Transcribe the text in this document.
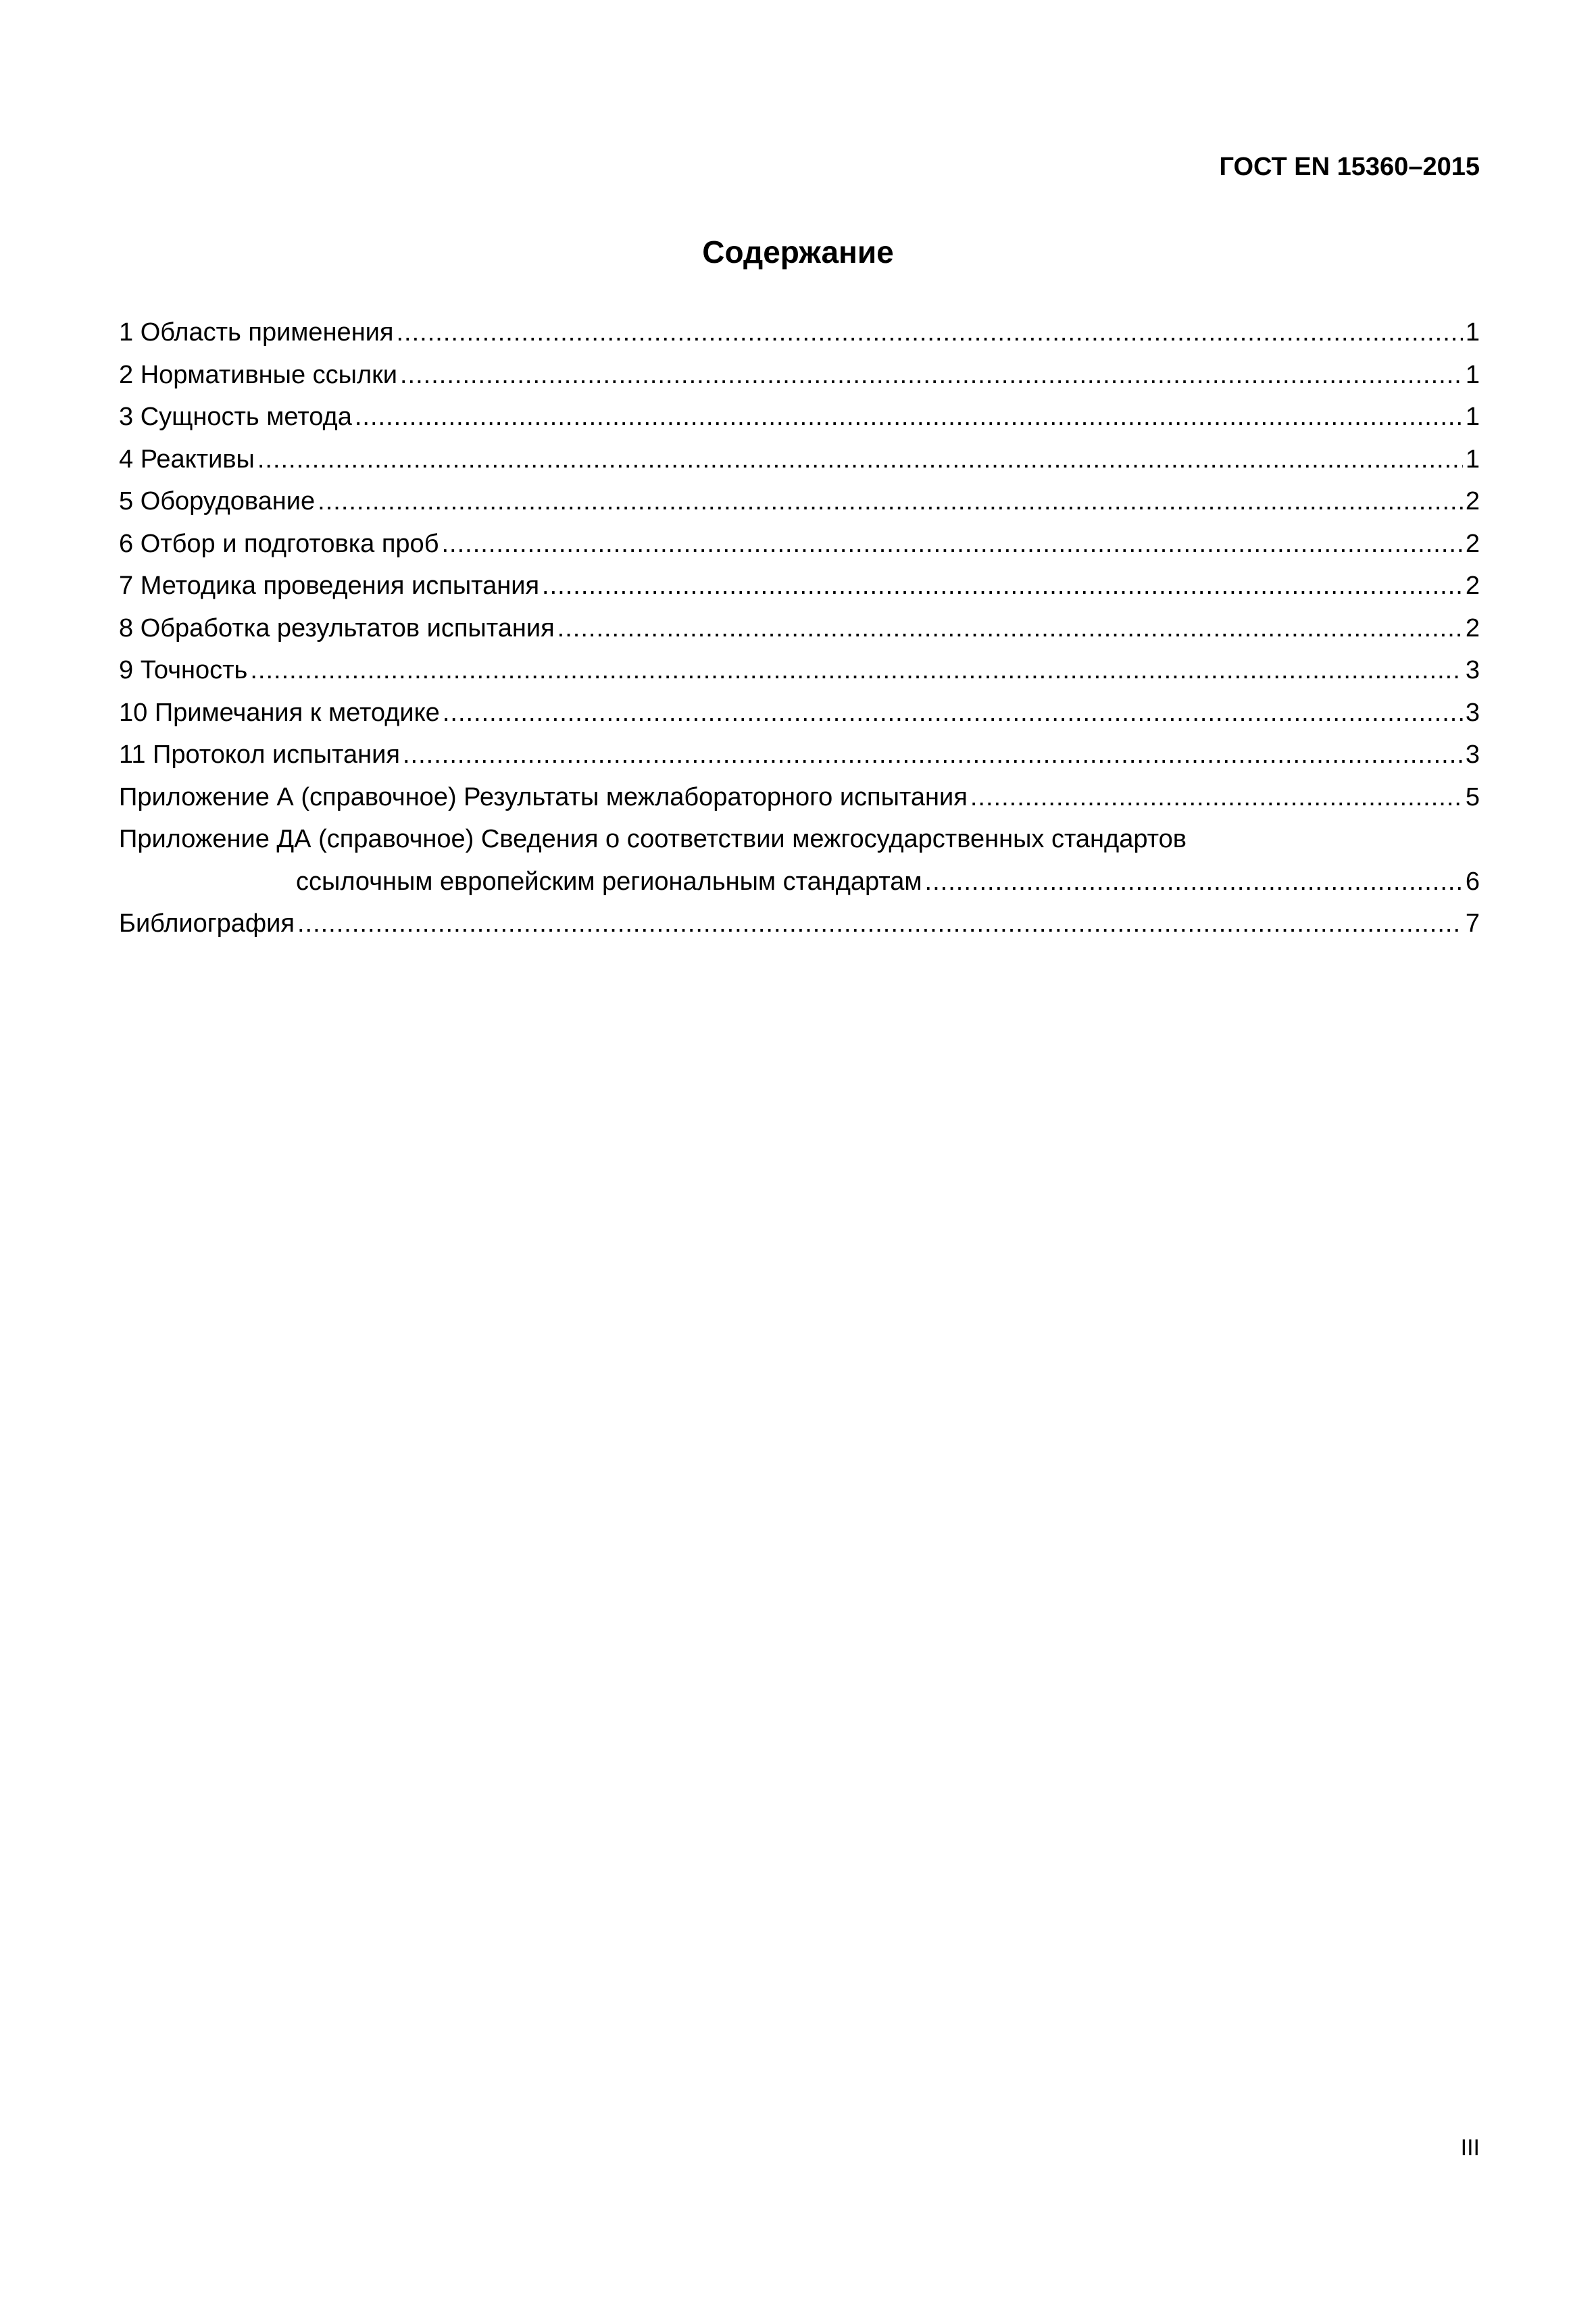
ГОСТ EN 15360–2015
Содержание
1 Область применения .....	1
2 Нормативные ссылки .....	1
3 Сущность метода .....	1
4 Реактивы .....	1
5 Оборудование .....	2
6 Отбор и подготовка проб .....	2
7 Методика проведения испытания .....	2
8 Обработка результатов испытания .....	2
9 Точность .....	3
10 Примечания к методике .....	3
11 Протокол испытания .....	3
Приложение А (справочное) Результаты межлабораторного испытания .....	5
Приложение ДА (справочное) Сведения о соответствии межгосударственных стандартов
ссылочным европейским региональным стандартам .....	6
Библиография .....	7
III
